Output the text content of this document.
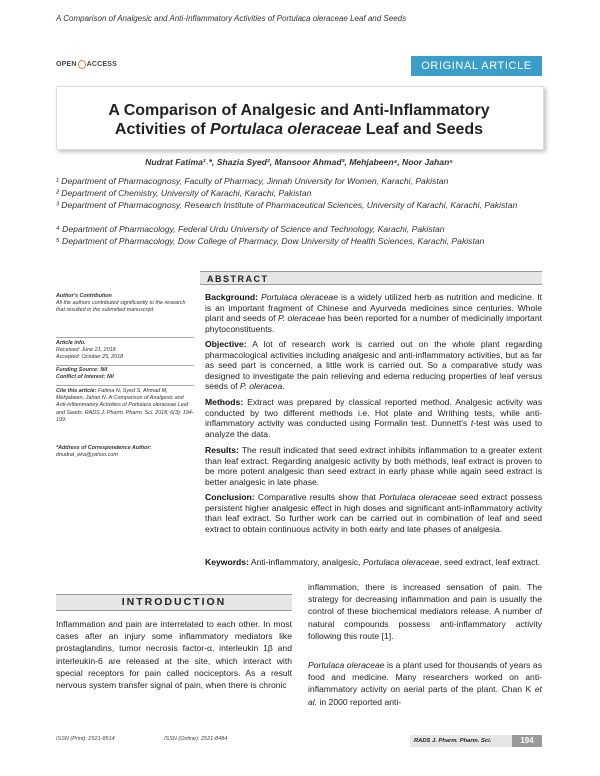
A Comparison of Analgesic and Anti-Inflammatory Activities of Portulaca oleraceae Leaf and Seeds
OPEN ACCESS	ORIGINAL ARTICLE
A Comparison of Analgesic and Anti-Inflammatory
Activities of Portulaca oleraceae Leaf and Seeds
Nudrat Fatima¹˒*, Shazia Syed², Mansoor Ahmad³, Mehjabeen⁴, Noor Jahan⁵
¹ Department of Pharmacognosy, Faculty of Pharmacy, Jinnah University for Women, Karachi, Pakistan
² Department of Chemistry, University of Karachi, Karachi, Pakistan
³ Department of Pharmacognosy, Research Institute of Pharmaceutical Sciences, University of Karachi, Karachi, Pakistan
⁴ Department of Pharmacology, Federal Urdu University of Science and Technology, Karachi, Pakistan
⁵ Department of Pharmacology, Dow College of Pharmacy, Dow University of Health Sciences, Karachi, Pakistan
ABSTRACT
Author's Contribution
All the authors contributed significantly to the research that resulted in the submitted manuscript.
Article info.
Received: June 21, 2018
Accepted: October 25, 2018
Funding Source: Nil
Conflict of Interest: Nil
Cite this article: Fatima N, Syed S, Ahmad M, Mehjabeen, Jahan N. A Comparison of Analgesic and Anti-Inflammatory Activities of Portulaca oleraceae Leaf and Seeds. RADS J. Pharm. Pharm. Sci. 2018; 6(3): 194-199.
*Address of Correspondence Author:
dnudrat_eka@yahoo.com
Background: Portulaca oleraceae is a widely utilized herb as nutrition and medicine. It is an important fragment of Chinese and Ayurveda medicines since centuries. Whole plant and seeds of P. oleraceae has been reported for a number of medicinally important phytoconstituents.
Objective: A lot of research work is carried out on the whole plant regarding pharmacological activities including analgesic and anti-inflammatory activities, but as far as seed part is concerned, a little work is carried out. So a comparative study was designed to investigate the pain relieving and edema reducing properties of leaf versus seeds of P. oleracea.
Methods: Extract was prepared by classical reported method. Analgesic activity was conducted by two different methods i.e. Hot plate and Writhing tests, while anti-inflammatory activity was conducted using Formalin test. Dunnett's t-test was used to analyze the data.
Results: The result indicated that seed extract inhibits inflammation to a greater extent than leaf extract. Regarding analgesic activity by both methods, leaf extract is proven to be more potent analgesic than seed extract in early phase while again seed extract is better analgesic in late phase.
Conclusion: Comparative results show that Portulaca oleraceae seed extract possess persistent higher analgesic effect in high doses and significant anti-inflammatory activity than leaf extract. So further work can be carried out in combination of leaf and seed extract to obtain continuous activity in both early and late phases of analgesia.
Keywords: Anti-inflammatory, analgesic, Portulaca oleraceae, seed extract, leaf extract.
INTRODUCTION
Inflammation and pain are interrelated to each other. In most cases after an injury some inflammatory mediators like prostaglandins, tumor necrosis factor-α, interleukin 1β and interleukin-6 are released at the site, which interact with special receptors for pain called nociceptors. As a result nervous system transfer signal of pain, when there is chronic
inflammation, there is increased sensation of pain. The strategy for decreasing inflammation and pain is usually the control of these biochemical mediators release. A number of natural compounds possess anti-inflammatory activity following this route [1].
Portulaca oleraceae is a plant used for thousands of years as food and medicine. Many researchers worked on anti-inflammatory activity on aerial parts of the plant. Chan K et al. in 2000 reported anti-
ISSN (Print): 2521-8514	ISSN (Online): 2521-8484	RADS J. Pharm. Pharm. Sci.	194
